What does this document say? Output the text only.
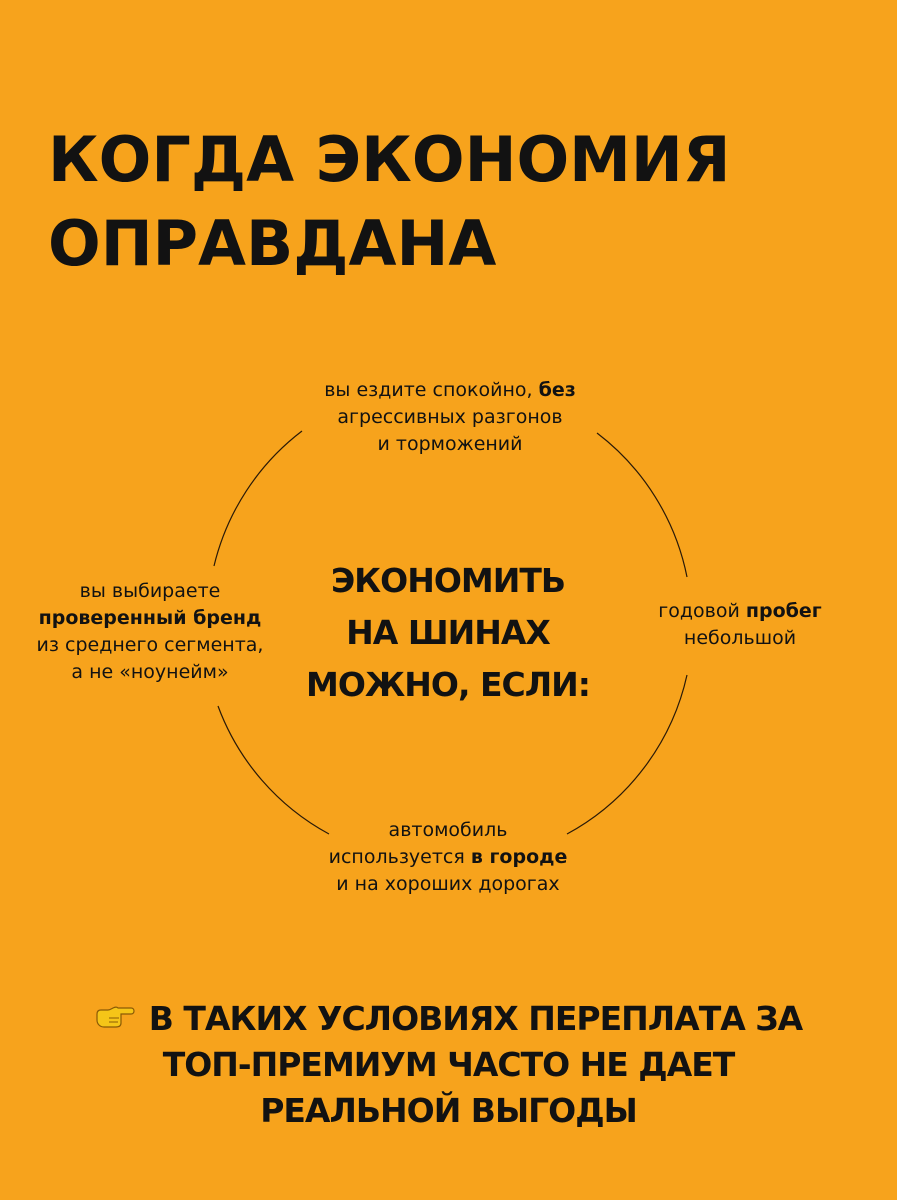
КОГДА ЭКОНОМИЯ
ОПРАВДАНА
вы ездите спокойно, без
агрессивных разгонов
и торможений
вы выбираете
проверенный бренд
из среднего сегмента,
а не «ноунейм»
годовой пробег
небольшой
автомобиль
используется в городе
и на хороших дорогах
ЭКОНОМИТЬ
НА ШИНАХ
МОЖНО, ЕСЛИ:
В ТАКИХ УСЛОВИЯХ ПЕРЕПЛАТА ЗА
ТОП-ПРЕМИУМ ЧАСТО НЕ ДАЕТ
РЕАЛЬНОЙ ВЫГОДЫ
